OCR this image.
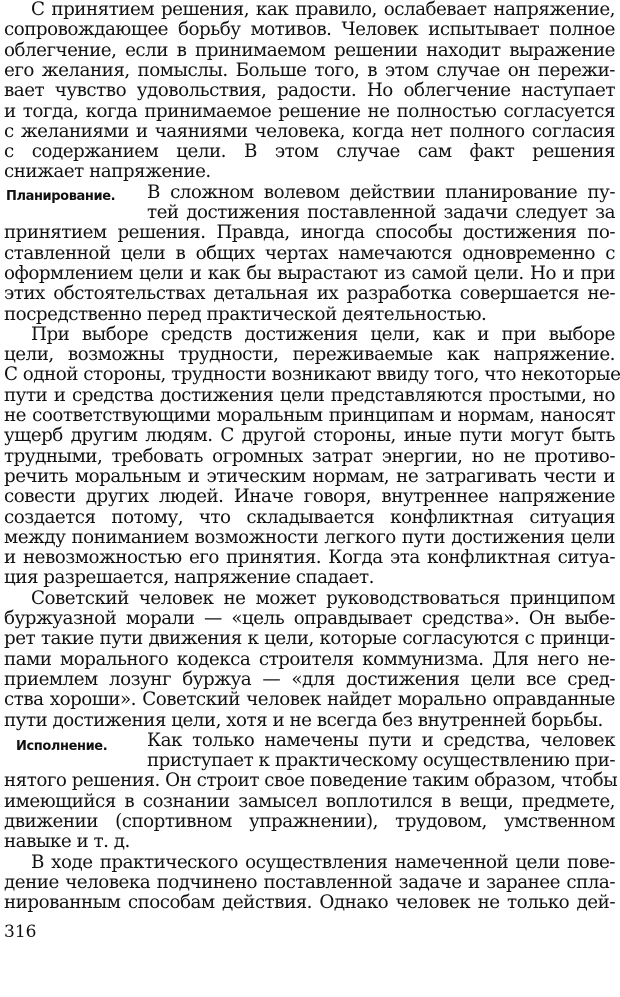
С принятием решения, как правило, ослабевает напряжение,
сопровождающее борьбу мотивов. Человек испытывает полное
облегчение, если в принимаемом решении находит выражение
его желания, помыслы. Больше того, в этом случае он пережи-
вает чувство удовольствия, радости. Но облегчение наступает
и тогда, когда принимаемое решение не полностью согласуется
с желаниями и чаяниями человека, когда нет полного согласия
с содержанием цели. В этом случае сам факт решения
снижает напряжение.
Планирование. В сложном волевом действии планирование пу-
тей достижения поставленной задачи следует за
принятием решения. Правда, иногда способы достижения по-
ставленной цели в общих чертах намечаются одновременно с
оформлением цели и как бы вырастают из самой цели. Но и при
этих обстоятельствах детальная их разработка совершается не-
посредственно перед практической деятельностью.
При выборе средств достижения цели, как и при выборе
цели, возможны трудности, переживаемые как напряжение.
С одной стороны, трудности возникают ввиду того, что некоторые
пути и средства достижения цели представляются простыми, но
не соответствующими моральным принципам и нормам, наносят
ущерб другим людям. С другой стороны, иные пути могут быть
трудными, требовать огромных затрат энергии, но не противо-
речить моральным и этическим нормам, не затрагивать чести и
совести других людей. Иначе говоря, внутреннее напряжение
создается потому, что складывается конфликтная ситуация
между пониманием возможности легкого пути достижения цели
и невозможностью его принятия. Когда эта конфликтная ситуа-
ция разрешается, напряжение спадает.
Советский человек не может руководствоваться принципом
буржуазной морали — «цель оправдывает средства». Он выбе-
рет такие пути движения к цели, которые согласуются с принци-
пами морального кодекса строителя коммунизма. Для него не-
приемлем лозунг буржуа — «для достижения цели все сред-
ства хороши». Советский человек найдет морально оправданные
пути достижения цели, хотя и не всегда без внутренней борьбы.
Исполнение. Как только намечены пути и средства, человек
приступает к практическому осуществлению при-
нятого решения. Он строит свое поведение таким образом, чтобы
имеющийся в сознании замысел воплотился в вещи, предмете,
движении (спортивном упражнении), трудовом, умственном
навыке и т. д.
В ходе практического осуществления намеченной цели пове-
дение человека подчинено поставленной задаче и заранее спла-
нированным способам действия. Однако человек не только дей-
316
